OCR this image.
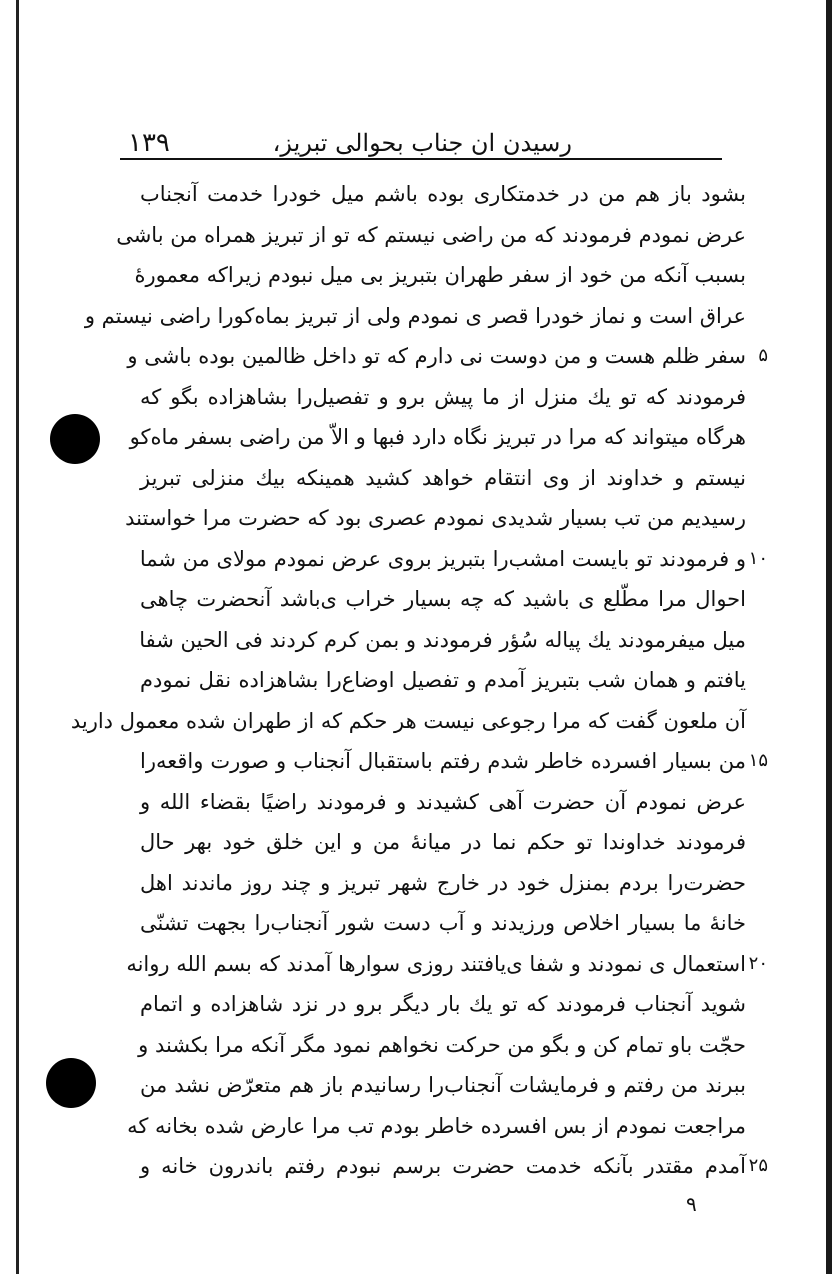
رسیدن ان جناب بحوالی تبریز،
۱۳۹
بشود باز هم من در خدمتکاری بوده باشم میل خودرا خدمت آنجناب
عرض نمودم فرمودند که من راضی نیستم که تو از تبریز همراه من باشی
بسبب آنکه من خود از سفر طهران بتبریز بی میل نبودم زیراکه معمورهٔ
عراق است و نماز خودرا قصر ی نمودم ولی از تبریز بماه‌کورا راضی نیستم و
سفر ظلم هست و من دوست نی دارم که تو داخل ظالمین بوده باشی و ۵
فرمودند که تو یك منزل از ما پیش برو و تفصیل‌را بشاهزاده بگو که
هرگاه میتواند که مرا در تبریز نگاه دارد فبها و الاّ من راضی بسفر ماه‌کو
نیستم و خداوند از وی انتقام خواهد کشید همینکه بیك منزلی تبریز
رسیدیم من تب بسیار شدیدی نمودم عصری بود که حضرت مرا خواستند
و فرمودند تو بایست امشب‌را بتبریز بروی عرض نمودم مولای من شما ۱۰
احوال مرا مطّلع ی باشید که چه بسیار خراب ی‌باشد آنحضرت چاهی
میل میفرمودند یك پیاله سُؤر فرمودند و بمن کرم کردند فی الحین شفا
یافتم و همان شب بتبریز آمدم و تفصیل اوضاع‌را بشاهزاده نقل نمودم
آن ملعون گفت که مرا رجوعی نیست هر حکم که از طهران شده معمول داريد
من بسیار افسرده خاطر شدم رفتم باستقبال آنجناب و صورت واقعه‌را ۱۵
عرض نمودم آن حضرت آهی کشیدند و فرمودند راضیًا بقضاء الله و
فرمودند خداوندا تو حکم نما در میانهٔ من و این خلق خود بهر حال
حضرت‌را بردم بمنزل خود در خارج شهر تبریز و چند روز ماندند اهل
خانهٔ ما بسیار اخلاص ورزیدند و آب دست شور آنجناب‌را بجهت تشنّی
استعمال ی نمودند و شفا ی‌یافتند روزی سوارها آمدند که بسم الله روانه ۲۰
شوید آنجناب فرمودند که تو یك بار دیگر برو در نزد شاهزاده و اتمام
حجّت باو تمام کن و بگو من حرکت نخواهم نمود مگر آنکه مرا بکشند و
ببرند من رفتم و فرمایشات آنجناب‌را رسانیدم باز هم متعرّض نشد من
مراجعت نمودم از بس افسرده خاطر بودم تب مرا عارض شده بخانه که
آمدم مقتدر بآنکه خدمت حضرت برسم نبودم رفتم باندرون خانه و ۲۵
۹
